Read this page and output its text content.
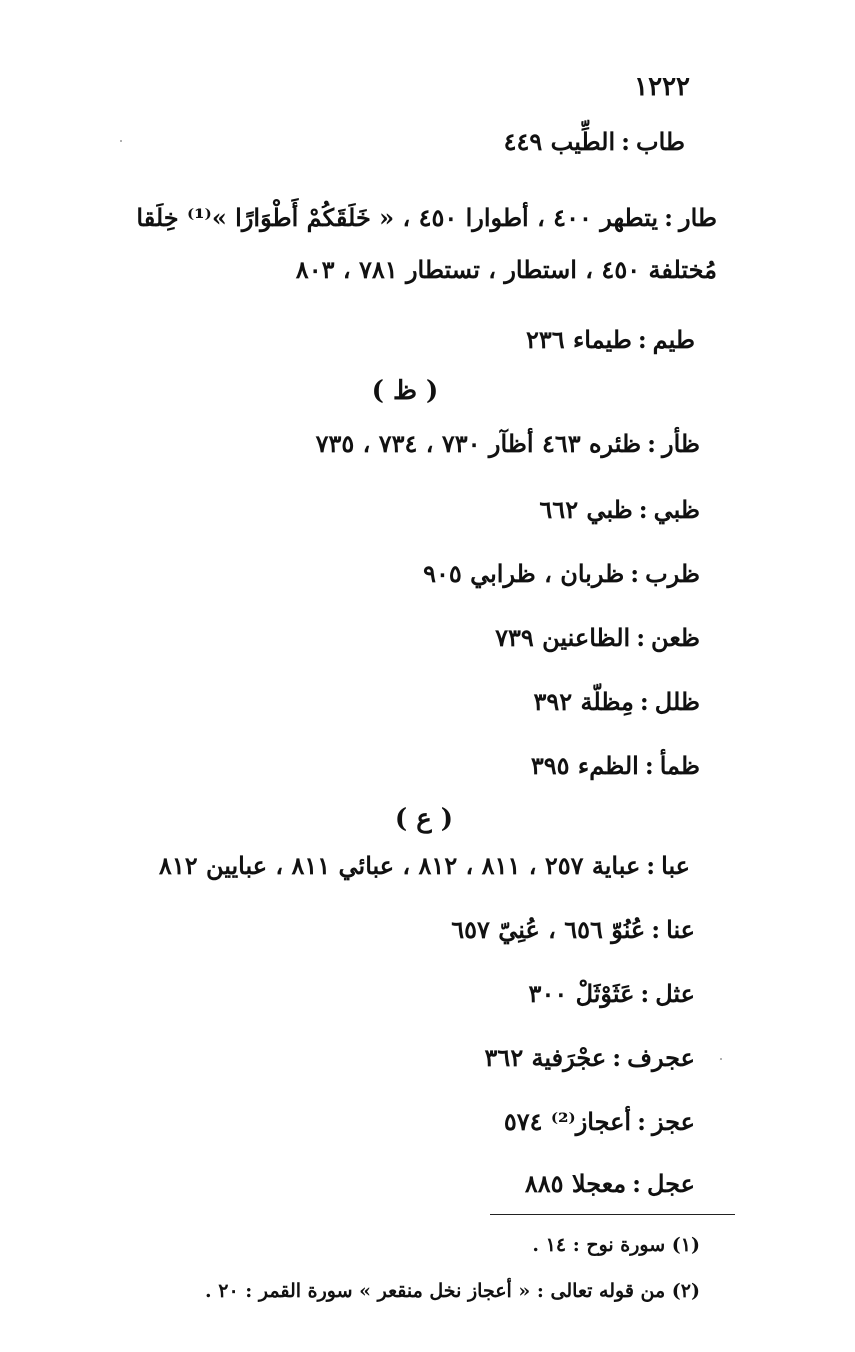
١٢٢٢
طاب:الطِّيب ٤٤٩
طار:يتطهر ٤٠٠ ، أطوارا ٤٥٠ ، « خَلَقَكُمْ أَطْوَارًا »⁽¹⁾ خِلَقا
مُختلفة ٤٥٠ ، استطار ، تستطار ٧٨١ ، ٨٠٣
طيم:طيماء ٢٣٦
( ظ )
ظأر:ظئره ٤٦٣ أظآر ٧٣٠ ، ٧٣٤ ، ٧٣٥
ظبي:ظبي ٦٦٢
ظرب:ظربان ، ظرابي ٩٠٥
ظعن:الظاعنين ٧٣٩
ظلل:مِظلّة ٣٩٢
ظمأ:الظمء ٣٩٥
( ع )
عبا:عباية ٢٥٧ ، ٨١١ ، ٨١٢ ، عبائي ٨١١ ، عبايين ٨١٢
عنا:عُنُوّ ٦٥٦ ، عُنِيّ ٦٥٧
عثل:عَثَوْثَلْ ٣٠٠
عجرف:عجْرَفية ٣٦٢
عجز:أعجاز⁽²⁾ ٥٧٤
عجل:معجلا ٨٨٥
(١) سورة نوح : ١٤ .
(٢) من قوله تعالى : « أعجاز نخل منقعر » سورة القمر : ٢٠ .
